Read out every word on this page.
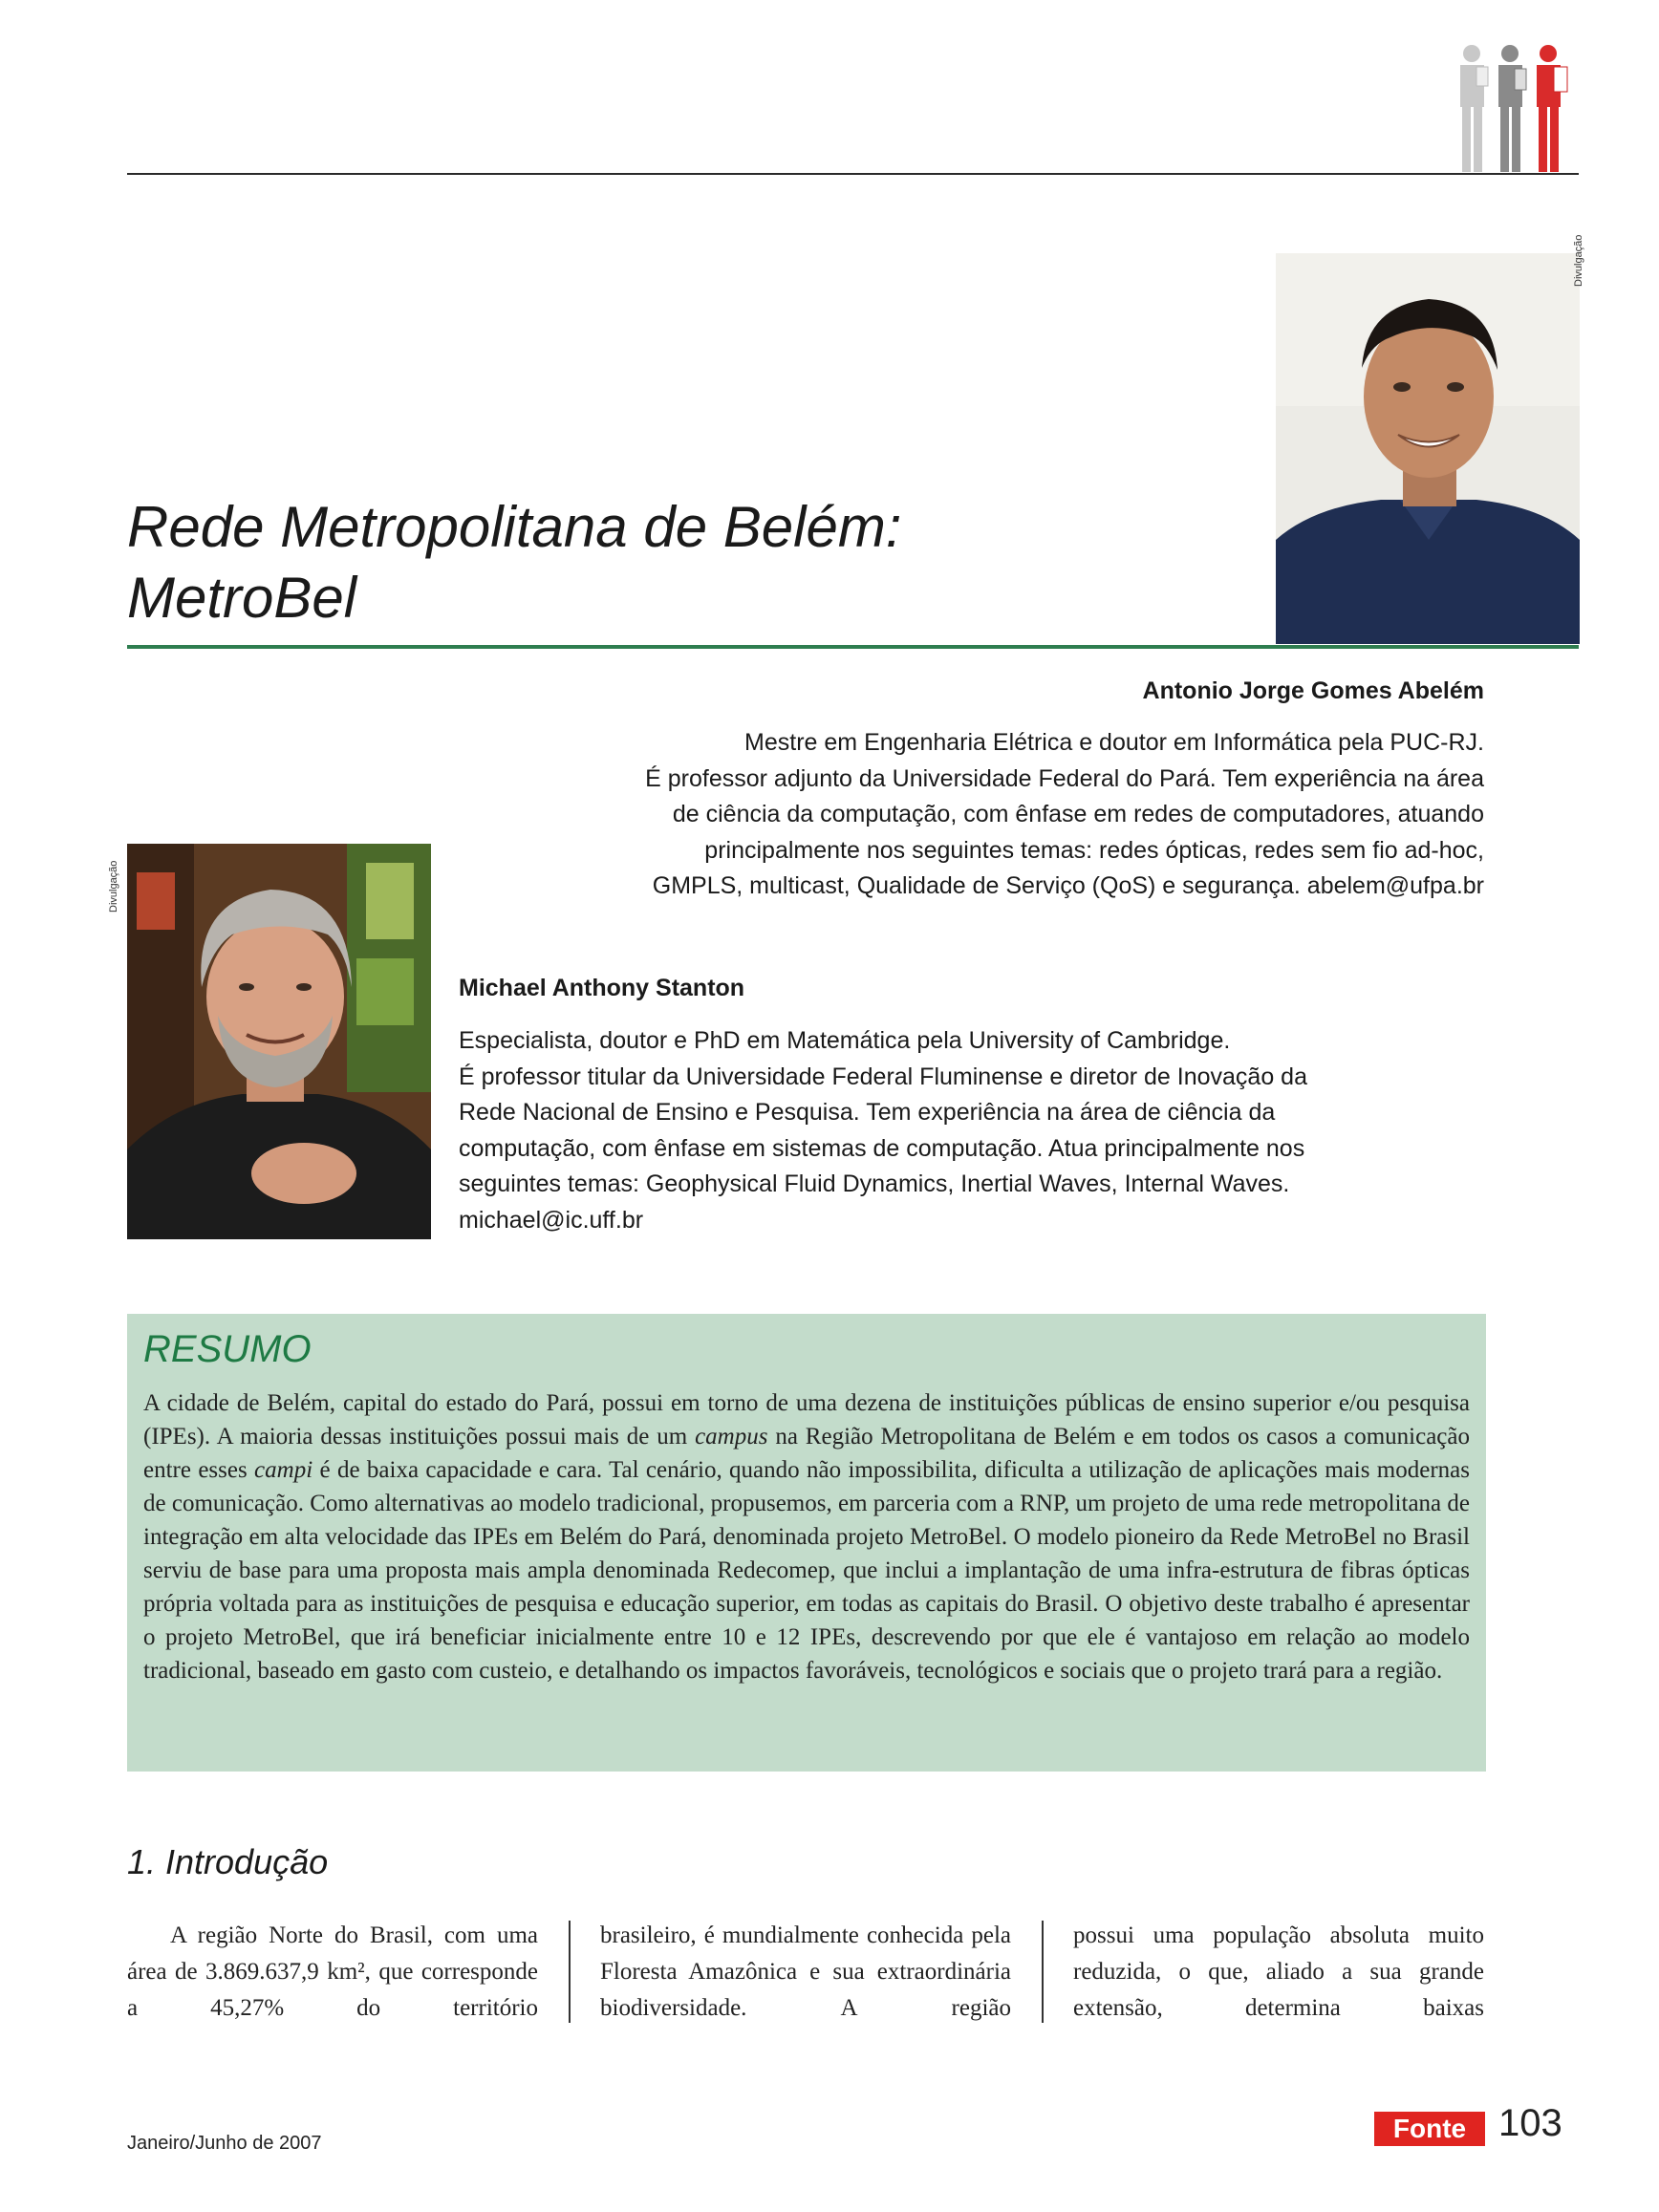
Rede Metropolitana de Belém:
MetroBel
Divulgação
Antonio Jorge Gomes Abelém

Mestre em Engenharia Elétrica e doutor em Informática pela PUC-RJ.
É professor adjunto da Universidade Federal do Pará. Tem experiência na área
de ciência da computação, com ênfase em redes de computadores, atuando
principalmente nos seguintes temas: redes ópticas, redes sem fio ad-hoc,
GMPLS, multicast, Qualidade de Serviço (QoS) e segurança. abelem@ufpa.br

Divulgação
Michael Anthony Stanton

Especialista, doutor e PhD em Matemática pela University of Cambridge.
É professor titular da Universidade Federal Fluminense e diretor de Inovação da
Rede Nacional de Ensino e Pesquisa. Tem experiência na área de ciência da
computação, com ênfase em sistemas de computação. Atua principalmente nos
seguintes temas: Geophysical Fluid Dynamics, Inertial Waves, Internal Waves.
michael@ic.uff.br

RESUMO

A cidade de Belém, capital do estado do Pará, possui em torno de uma dezena de instituições públicas de ensino superior e/ou pesquisa (IPEs). A maioria dessas instituições possui mais de um campus na Região Metropolitana de Belém e em todos os casos a comunicação entre esses campi é de baixa capacidade e cara. Tal cenário, quando não impossibilita, dificulta a utilização de aplicações mais modernas de comunicação. Como alternativas ao modelo tradicional, propusemos, em parceria com a RNP, um projeto de uma rede metropolitana de integração em alta velocidade das IPEs em Belém do Pará, denominada projeto MetroBel. O modelo pioneiro da Rede MetroBel no Brasil serviu de base para uma proposta mais ampla denominada Redecomep, que inclui a implantação de uma infra-estrutura de fibras ópticas própria voltada para as instituições de pesquisa e educação superior, em todas as capitais do Brasil. O objetivo deste trabalho é apresentar o projeto MetroBel, que irá beneficiar inicialmente entre 10 e 12 IPEs, descrevendo por que ele é vantajoso em relação ao modelo tradicional, baseado em gasto com custeio, e detalhando os impactos favoráveis, tecnológicos e sociais que o projeto trará para a região.

1. Introdução

A região Norte do Brasil, com uma área de 3.869.637,9 km², que corresponde a 45,27% do território

brasileiro, é mundialmente conhecida pela Floresta Amazônica e sua extraordinária biodiversidade. A região

possui uma população absoluta muito reduzida, o que, aliado a sua grande extensão, determina baixas

Janeiro/Junho de 2007	Fonte 103
